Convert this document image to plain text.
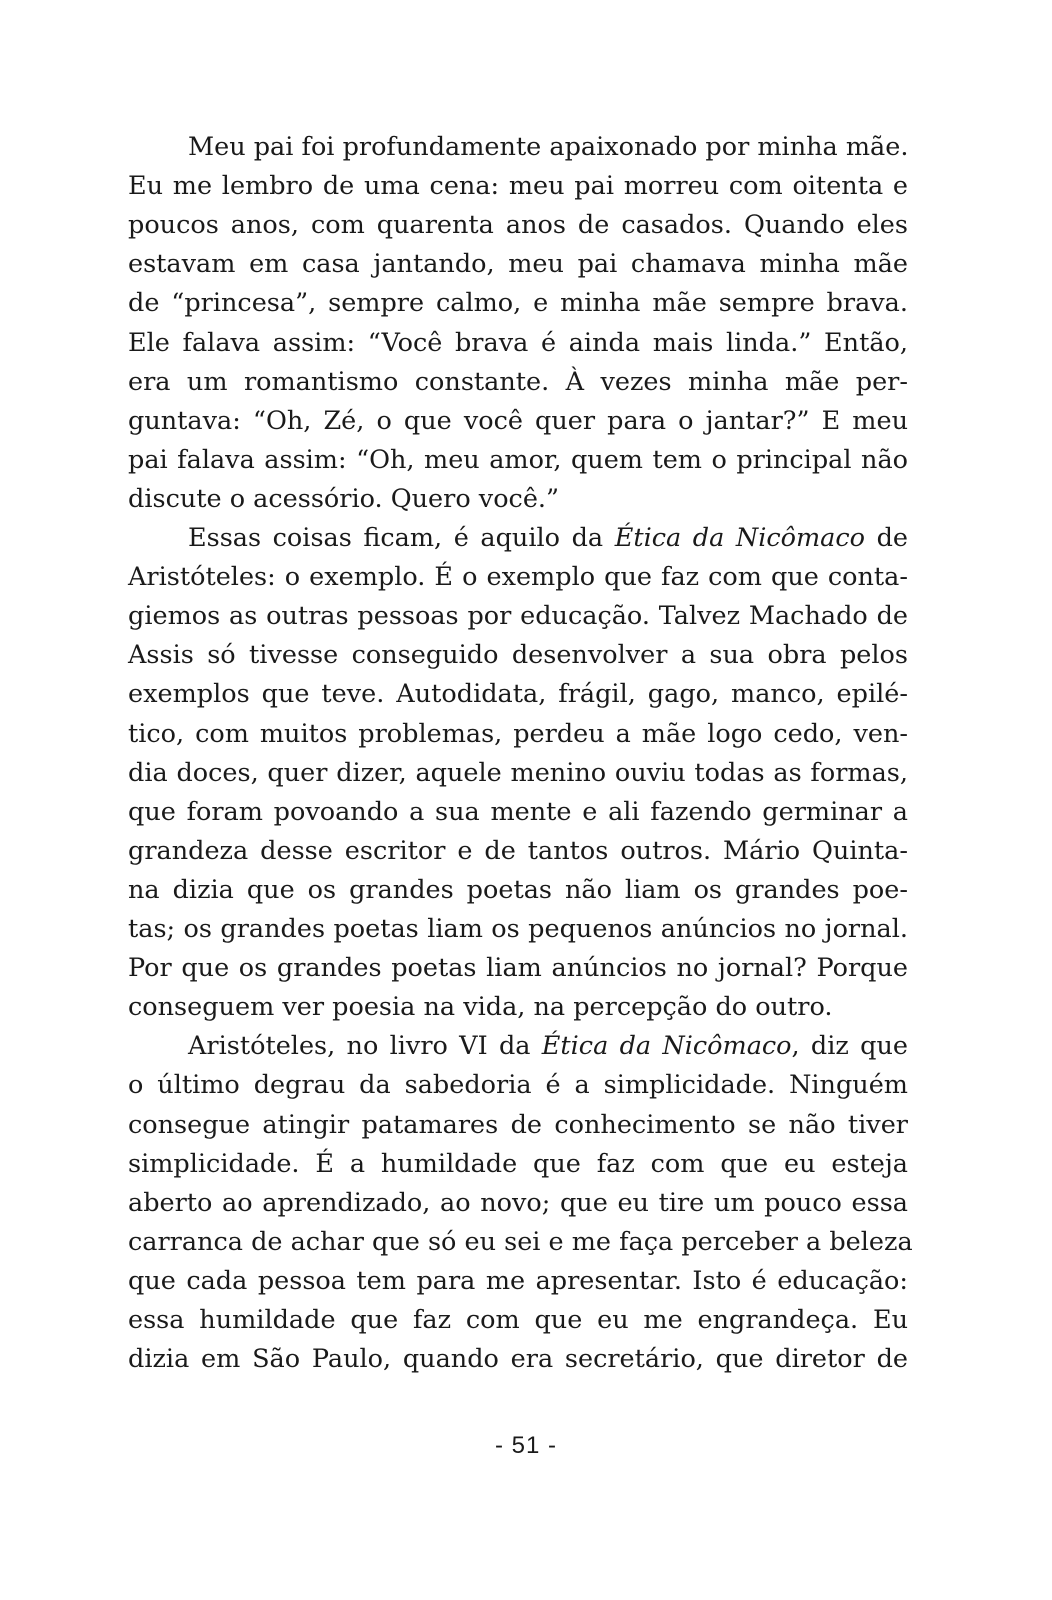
Meu pai foi profundamente apaixonado por minha mãe.
Eu me lembro de uma cena: meu pai morreu com oitenta e
poucos anos, com quarenta anos de casados. Quando eles
estavam em casa jantando, meu pai chamava minha mãe
de “princesa”, sempre calmo, e minha mãe sempre brava.
Ele falava assim: “Você brava é ainda mais linda.” Então,
era um romantismo constante. À vezes minha mãe per-
guntava: “Oh, Zé, o que você quer para o jantar?” E meu
pai falava assim: “Oh, meu amor, quem tem o principal não
discute o acessório. Quero você.”
Essas coisas ficam, é aquilo da Ética da Nicômaco de
Aristóteles: o exemplo. É o exemplo que faz com que conta-
giemos as outras pessoas por educação. Talvez Machado de
Assis só tivesse conseguido desenvolver a sua obra pelos
exemplos que teve. Autodidata, frágil, gago, manco, epilé-
tico, com muitos problemas, perdeu a mãe logo cedo, ven-
dia doces, quer dizer, aquele menino ouviu todas as formas,
que foram povoando a sua mente e ali fazendo germinar a
grandeza desse escritor e de tantos outros. Mário Quinta-
na dizia que os grandes poetas não liam os grandes poe-
tas; os grandes poetas liam os pequenos anúncios no jornal.
Por que os grandes poetas liam anúncios no jornal? Porque
conseguem ver poesia na vida, na percepção do outro.
Aristóteles, no livro VI da Ética da Nicômaco, diz que
o último degrau da sabedoria é a simplicidade. Ninguém
consegue atingir patamares de conhecimento se não tiver
simplicidade. É a humildade que faz com que eu esteja
aberto ao aprendizado, ao novo; que eu tire um pouco essa
carranca de achar que só eu sei e me faça perceber a beleza
que cada pessoa tem para me apresentar. Isto é educação:
essa humildade que faz com que eu me engrandeça. Eu
dizia em São Paulo, quando era secretário, que diretor de
- 51 -
